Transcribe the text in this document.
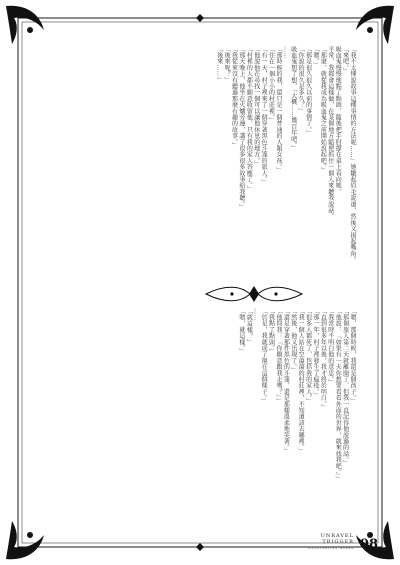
「我不太懂說故事這種事情的方法呢……」她皺起眉毛說道，然後又揚起嘴角。
「來吧。」
吸血鬼慢慢地點了點頭，隨後把手肘撐在桌上看向她。
平常，我都會這樣做，在某個地方隨便抓住一個人來聽我說話。
「那麼，就從我成為吸血鬼之前開始說起吧。」
「嗯。」
「那是很久很久以前的事情了。」
「你說的很久是多久？」
吸血鬼想了想，「大概……幾百年吧。」
……
「那時候的我，還只是一個普通的人類女孩。」
「住在一個小小的村莊裡。」
「有一天，村子裡來了一個穿著黑色斗篷的旅人。」
「他說他在尋找一個可以讓他休息的地方。」
「村裡的人都不願意收留他，只有我的家人答應了。」
「那天晚上，他坐在火爐旁邊，講了很多很多故事給我聽。」
「我從來沒有聽過那麼有趣的故事。」
「後來呢？」
「後來……」
「嗯，那個時候，我還是個孩子。」
「那個旅人第二天就離開了，但我一直記得他說過的話。」
「他說：『如果有一天你想要看看外面的世界，就來找我吧。』」
「我當時不明白他的意思。」
「直到很多年以後，我才終於明白。」
「那一年，村子裡發生了瘟疫。」
「很多人都死了，包括我的家人。」
「我一個人站在空蕩蕩的村莊裡，不知道該去哪裡。」
「然後，他又出現了。」
「還是穿著那件黑色的斗篷，還是那樣溫柔地笑著。」
「他問我：『你願意跟我走嗎？』」
「我點了點頭。」
「於是，我就成了現在這個樣子。」
……
「就這樣？」
「嗯，就這樣。」
UNRAVEL
TRIGGER
ILLUSTRATION WORKS 08
